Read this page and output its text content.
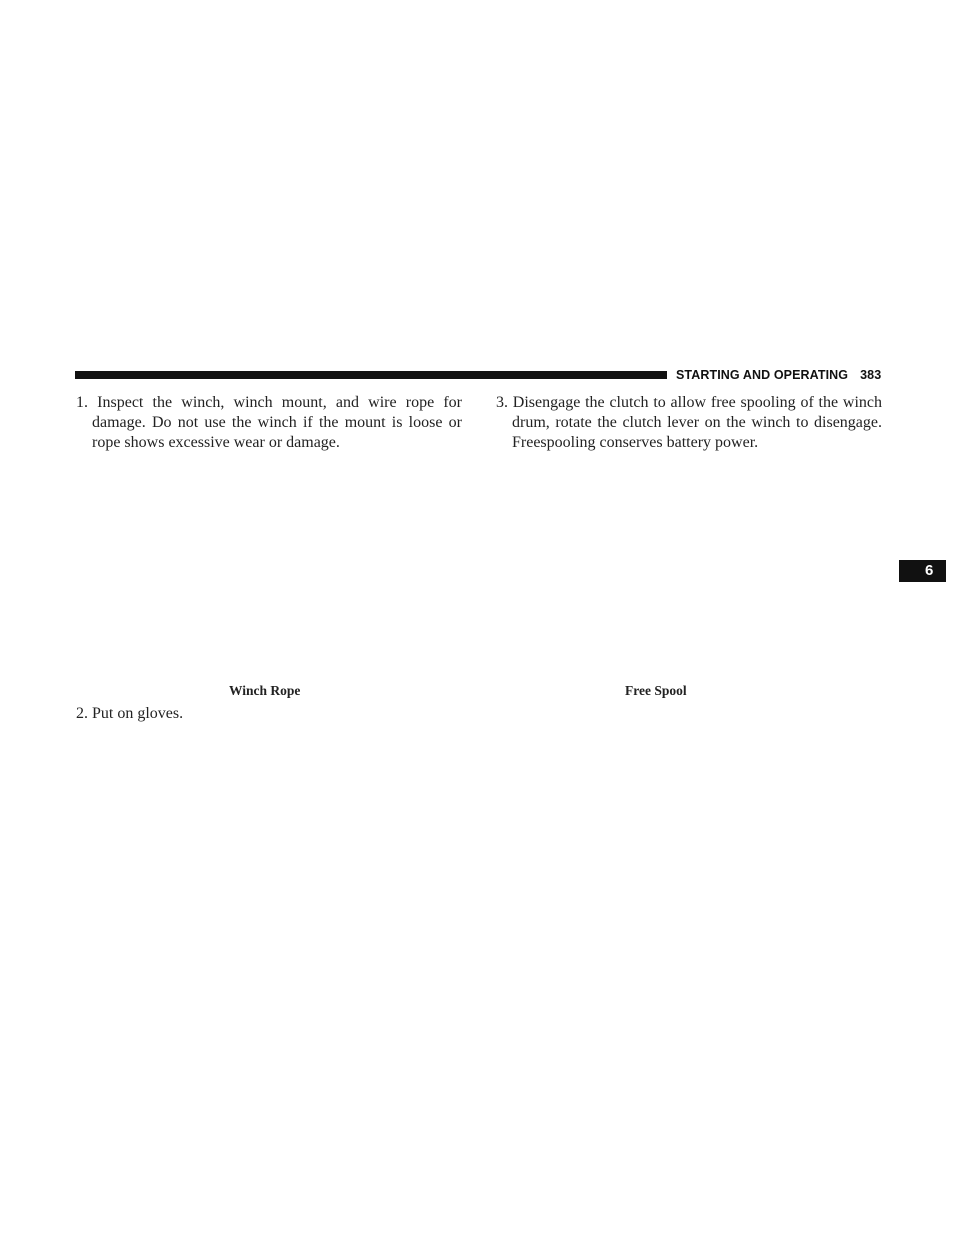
STARTING AND OPERATING 383

1. Inspect the winch, winch mount, and wire rope for damage. Do not use the winch if the mount is loose or rope shows excessive wear or damage.

3. Disengage the clutch to allow free spooling of the winch drum, rotate the clutch lever on the winch to disengage. Freespooling conserves battery power.

Winch Rope	Free Spool

2. Put on gloves.

6
